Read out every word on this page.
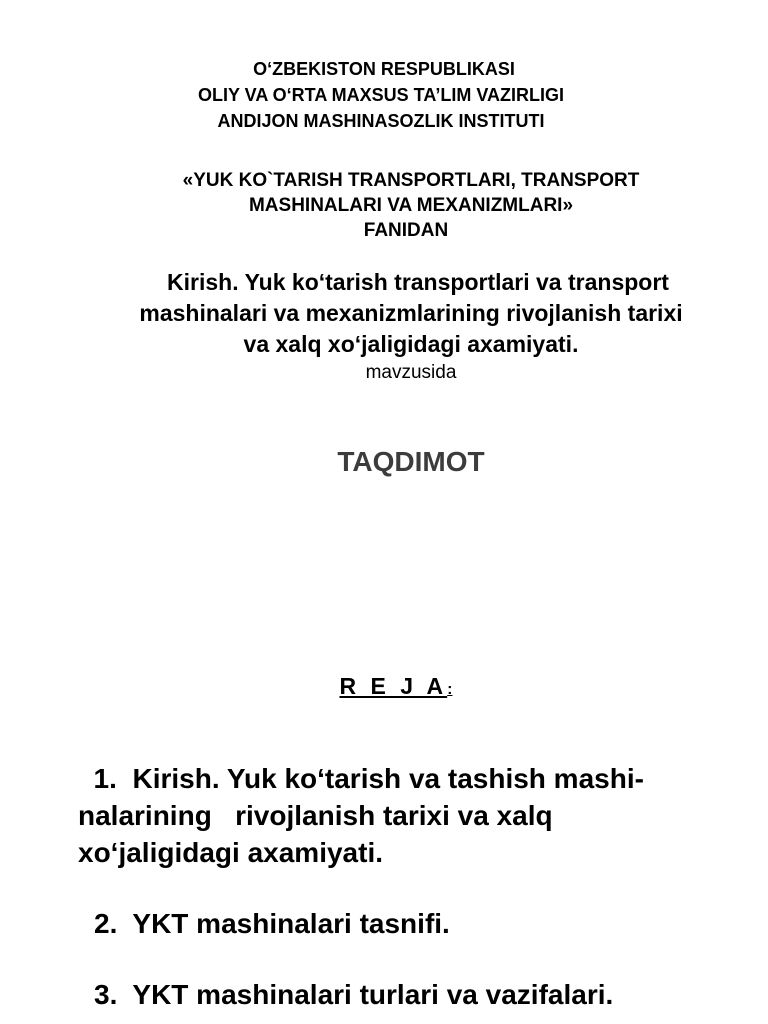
O‘ZBEKISTON RESPUBLIKASI
OLIY VA O‘RTA MAXSUS TA’LIM VAZIRLIGI
ANDIJON MASHINASOZLIK INSTITUTI
«YUK KO`TARISH TRANSPORTLARI, TRANSPORT
MASHINALARI VA MEXANIZMLARI»
FANIDAN
Kirish. Yuk ko‘tarish transportlari va transport
mashinalari va mexanizmlarining rivojlanish tarixi
va xalq xo‘jaligidagi axamiyati.
mavzusida
TAQDIMOT
R E J A:
1.  Kirish. Yuk ko‘tarish va tashish mashi-
nalarining   rivojlanish tarixi va xalq
xo‘jaligidagi axamiyati.
2.  YKT mashinalari tasnifi.
3.  YKT mashinalari turlari va vazifalari.
